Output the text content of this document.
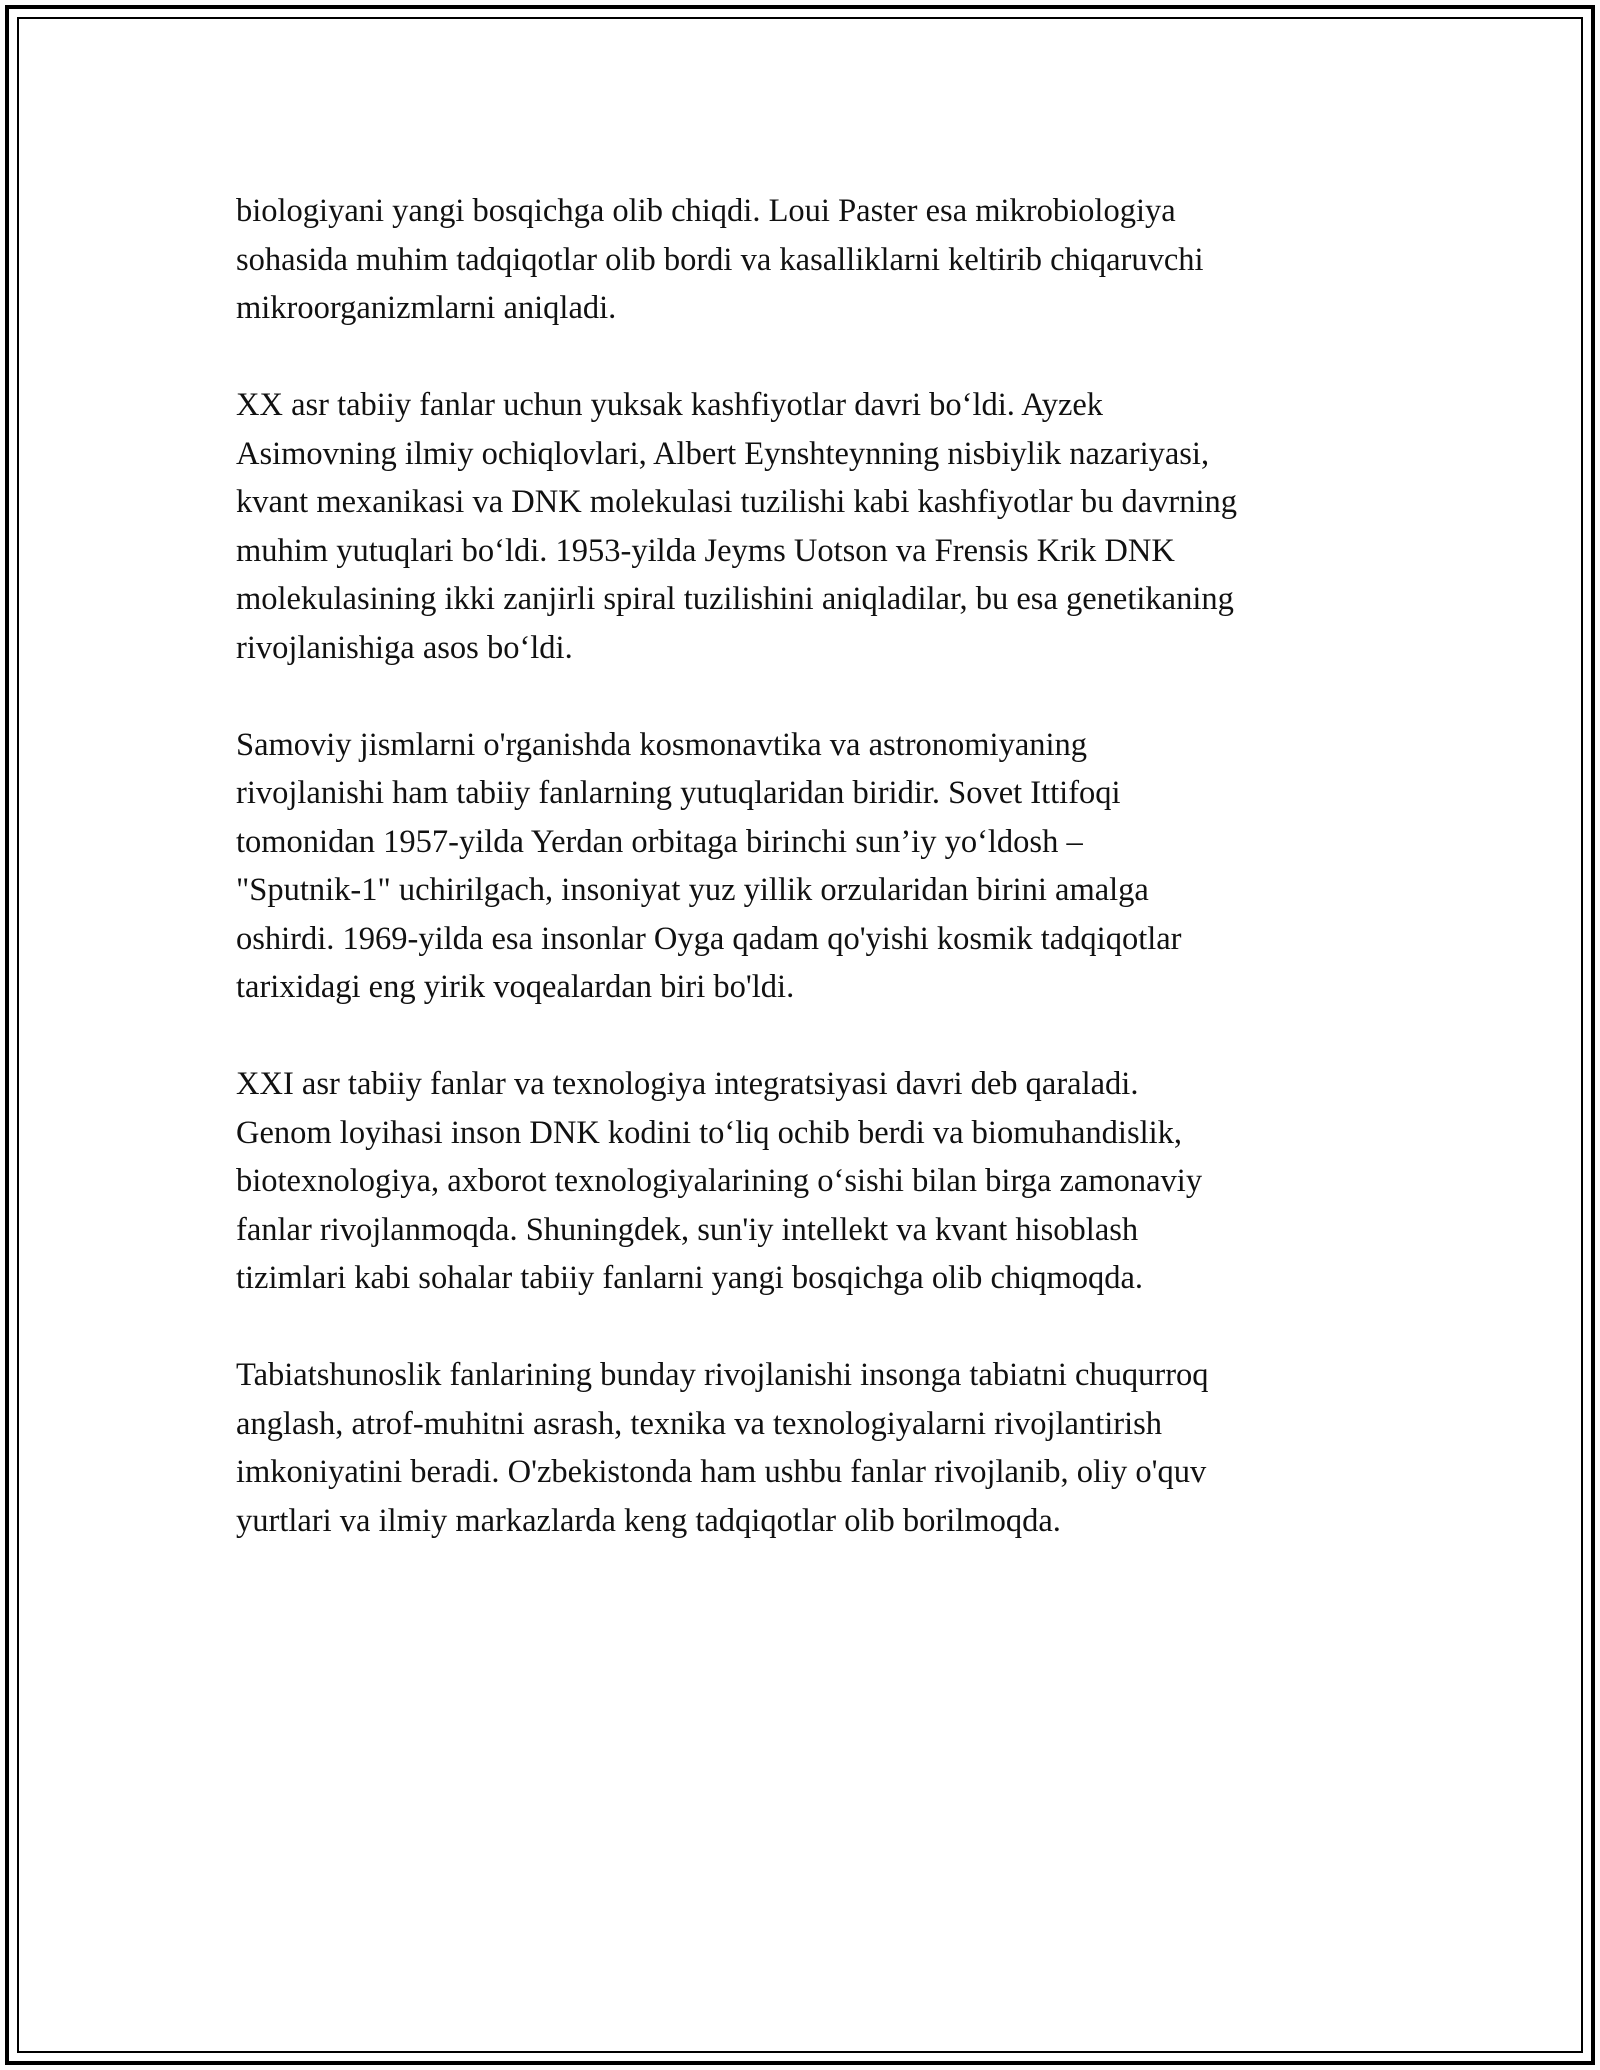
biologiyani yangi bosqichga olib chiqdi. Loui Paster esa mikrobiologiya
sohasida muhim tadqiqotlar olib bordi va kasalliklarni keltirib chiqaruvchi
mikroorganizmlarni aniqladi.

XX asr tabiiy fanlar uchun yuksak kashfiyotlar davri bo‘ldi. Ayzek
Asimovning ilmiy ochiqlovlari, Albert Eynshteynning nisbiylik nazariyasi,
kvant mexanikasi va DNK molekulasi tuzilishi kabi kashfiyotlar bu davrning
muhim yutuqlari bo‘ldi. 1953-yilda Jeyms Uotson va Frensis Krik DNK
molekulasining ikki zanjirli spiral tuzilishini aniqladilar, bu esa genetikaning
rivojlanishiga asos bo‘ldi.

Samoviy jismlarni o'rganishda kosmonavtika va astronomiyaning
rivojlanishi ham tabiiy fanlarning yutuqlaridan biridir. Sovet Ittifoqi
tomonidan 1957-yilda Yerdan orbitaga birinchi sun’iy yo‘ldosh –
"Sputnik-1" uchirilgach, insoniyat yuz yillik orzularidan birini amalga
oshirdi. 1969-yilda esa insonlar Oyga qadam qo'yishi kosmik tadqiqotlar
tarixidagi eng yirik voqealardan biri bo'ldi.

XXI asr tabiiy fanlar va texnologiya integratsiyasi davri deb qaraladi.
Genom loyihasi inson DNK kodini to‘liq ochib berdi va biomuhandislik,
biotexnologiya, axborot texnologiyalarining o‘sishi bilan birga zamonaviy
fanlar rivojlanmoqda. Shuningdek, sun'iy intellekt va kvant hisoblash
tizimlari kabi sohalar tabiiy fanlarni yangi bosqichga olib chiqmoqda.

Tabiatshunoslik fanlarining bunday rivojlanishi insonga tabiatni chuqurroq
anglash, atrof-muhitni asrash, texnika va texnologiyalarni rivojlantirish
imkoniyatini beradi. O'zbekistonda ham ushbu fanlar rivojlanib, oliy o'quv
yurtlari va ilmiy markazlarda keng tadqiqotlar olib borilmoqda.
